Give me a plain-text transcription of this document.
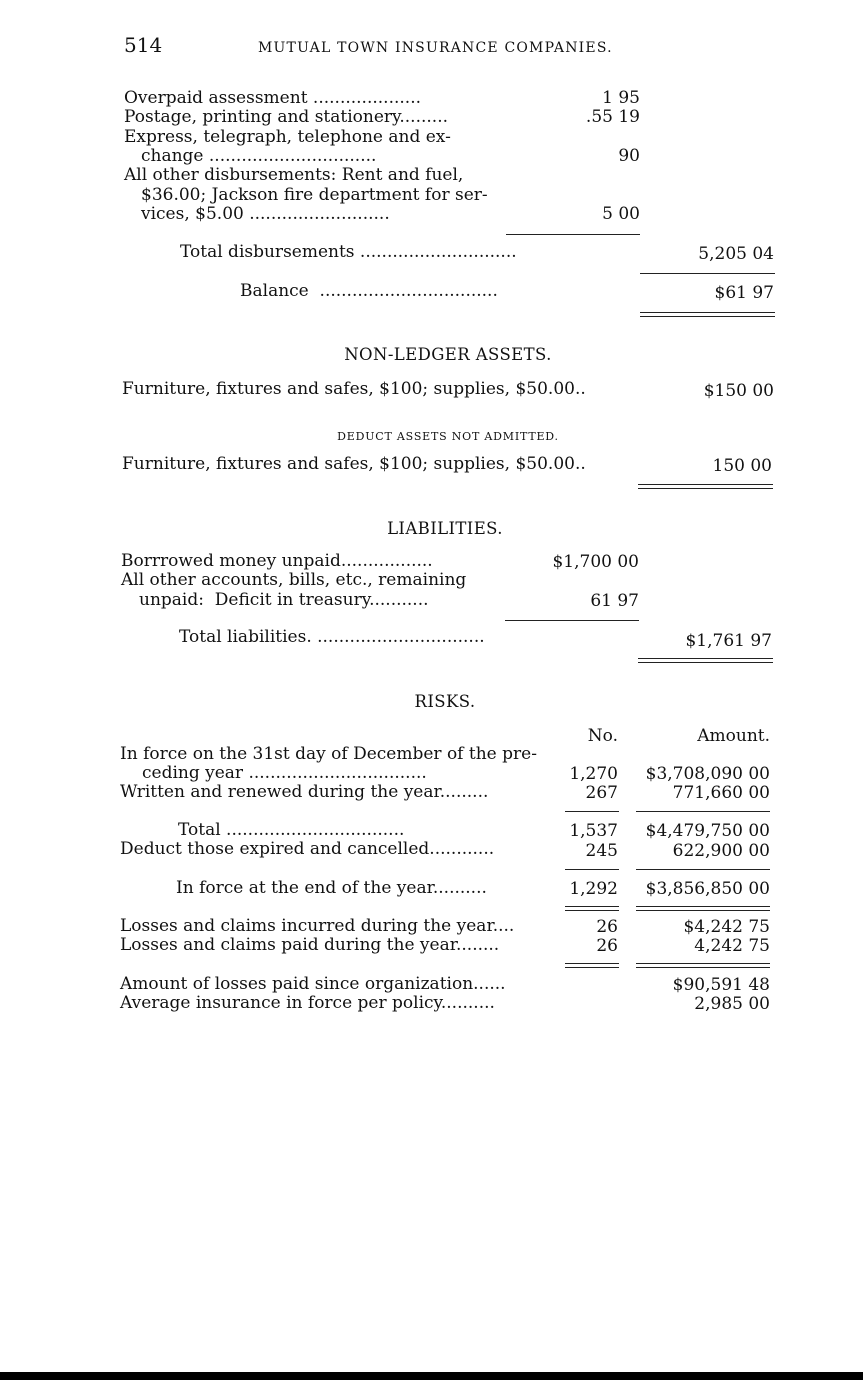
514	MUTUAL TOWN INSURANCE COMPANIES.
Overpaid assessment ....................	1 95
Postage, printing and stationery.........	.55 19
Express, telegraph, telephone and ex-
change ...............................	90
All other disbursements: Rent and fuel,
$36.00; Jackson fire department for ser-
vices, $5.00 ..........................	5 00
Total disbursements .............................	5,205 04
Balance  .................................	$61 97
NON-LEDGER ASSETS.
Furniture, fixtures and safes, $100; supplies, $50.00..	$150 00
DEDUCT ASSETS NOT ADMITTED.
Furniture, fixtures and safes, $100; supplies, $50.00..	150 00
LIABILITIES.
Borrrowed money unpaid.................	$1,700 00
All other accounts, bills, etc., remaining
unpaid:  Deficit in treasury...........	61 97
Total liabilities. ...............................	$1,761 97
RISKS.
No.	Amount.
In force on the 31st day of December of the pre-
ceding year .................................	1,270	$3,708,090 00
Written and renewed during the year.........	267	771,660 00
Total .................................	1,537	$4,479,750 00
Deduct those expired and cancelled............	245	622,900 00
In force at the end of the year..........	1,292	$3,856,850 00
Losses and claims incurred during the year....	26	$4,242 75
Losses and claims paid during the year........	26	4,242 75
Amount of losses paid since organization......	$90,591 48
Average insurance in force per policy..........	2,985 00
